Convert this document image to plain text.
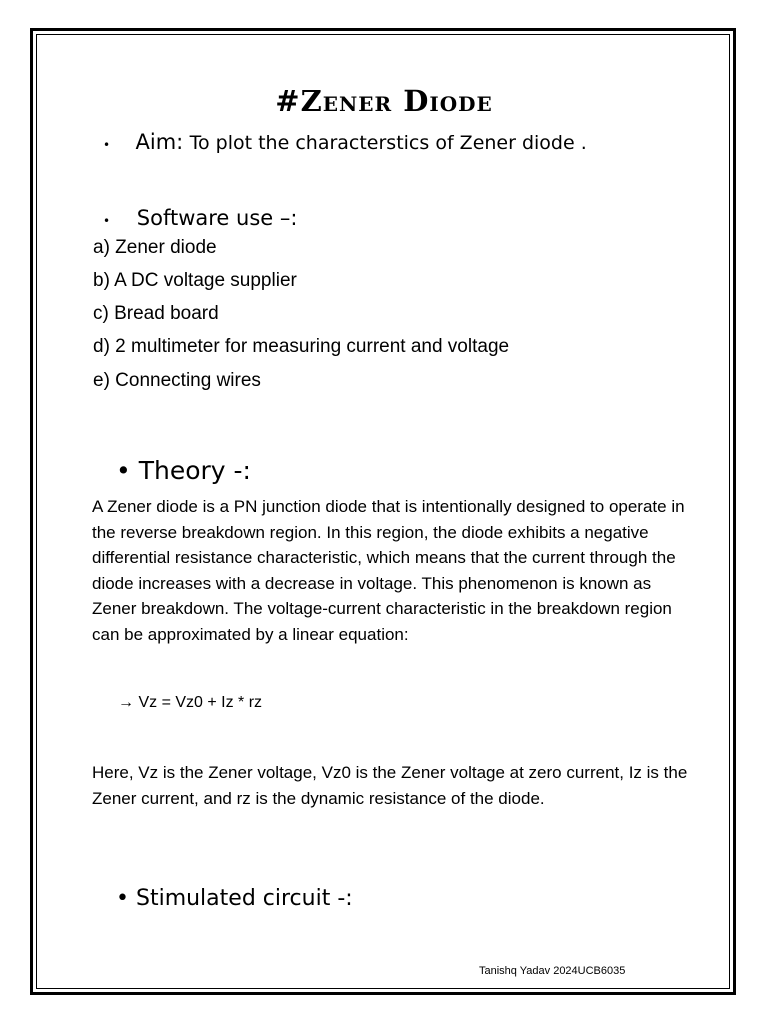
#Zener Diode
• Aim: To plot the characterstics of Zener diode .
• Software use –:
a) Zener diode
b) A DC voltage supplier
c) Bread board
d) 2 multimeter for measuring current and voltage
e) Connecting wires
• Theory -:
A Zener diode is a PN junction diode that is intentionally designed to operate in the reverse breakdown region. In this region, the diode exhibits a negative differential resistance characteristic, which means that the current through the diode increases with a decrease in voltage. This phenomenon is known as Zener breakdown. The voltage-current characteristic in the breakdown region can be approximated by a linear equation:
→ Vz = Vz0 + Iz * rz
Here, Vz is the Zener voltage, Vz0 is the Zener voltage at zero current, Iz is the Zener current, and rz is the dynamic resistance of the diode.
• Stimulated circuit -:
Tanishq Yadav 2024UCB6035
